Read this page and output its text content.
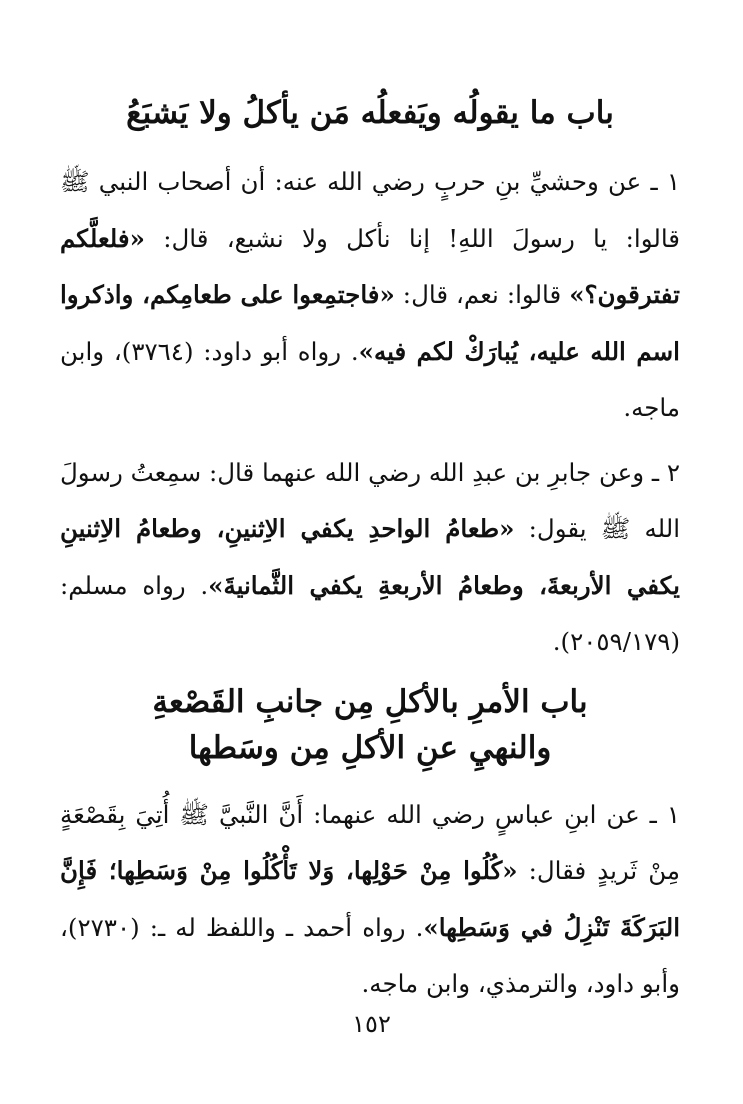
باب ما يقولُه ويَفعلُه مَن يأكلُ ولا يَشبَعُ

١ ـ عن وحشيِّ بنِ حربٍ رضي الله عنه: أن أصحاب النبي ﷺ قالوا: يا رسولَ اللهِ! إنا نأكل ولا نشبع، قال: «فلعلَّكم تفترقون؟» قالوا: نعم، قال: «فاجتمِعوا على طعامِكم، واذكروا اسم الله عليه، يُبارَكْ لكم فيه». رواه أبو داود: (٣٧٦٤)، وابن ماجه.

٢ ـ وعن جابرِ بن عبدِ الله رضي الله عنهما قال: سمِعتُ رسولَ الله ﷺ يقول: «طعامُ الواحدِ يكفي الاِثنينِ، وطعامُ الاِثنينِ يكفي الأربعةَ، وطعامُ الأربعةِ يكفي الثَّمانيةَ». رواه مسلم: (٢٠٥٩/١٧٩).

باب الأمرِ بالأكلِ مِن جانبِ القَصْعةِ
والنهيِ عنِ الأكلِ مِن وسَطها

١ ـ عن ابنِ عباسٍ رضي الله عنهما: أَنَّ النَّبيَّ ﷺ أُتِيَ بِقَصْعَةٍ مِنْ ثَريدٍ فقال: «كُلُوا مِنْ حَوْلِها، وَلا تَأْكُلُوا مِنْ وَسَطِها؛ فَإِنَّ البَرَكَةَ تَنْزِلُ في وَسَطِها». رواه أحمد ـ واللفظ له ـ: (٢٧٣٠)، وأبو داود، والترمذي، وابن ماجه.

١٥٢
